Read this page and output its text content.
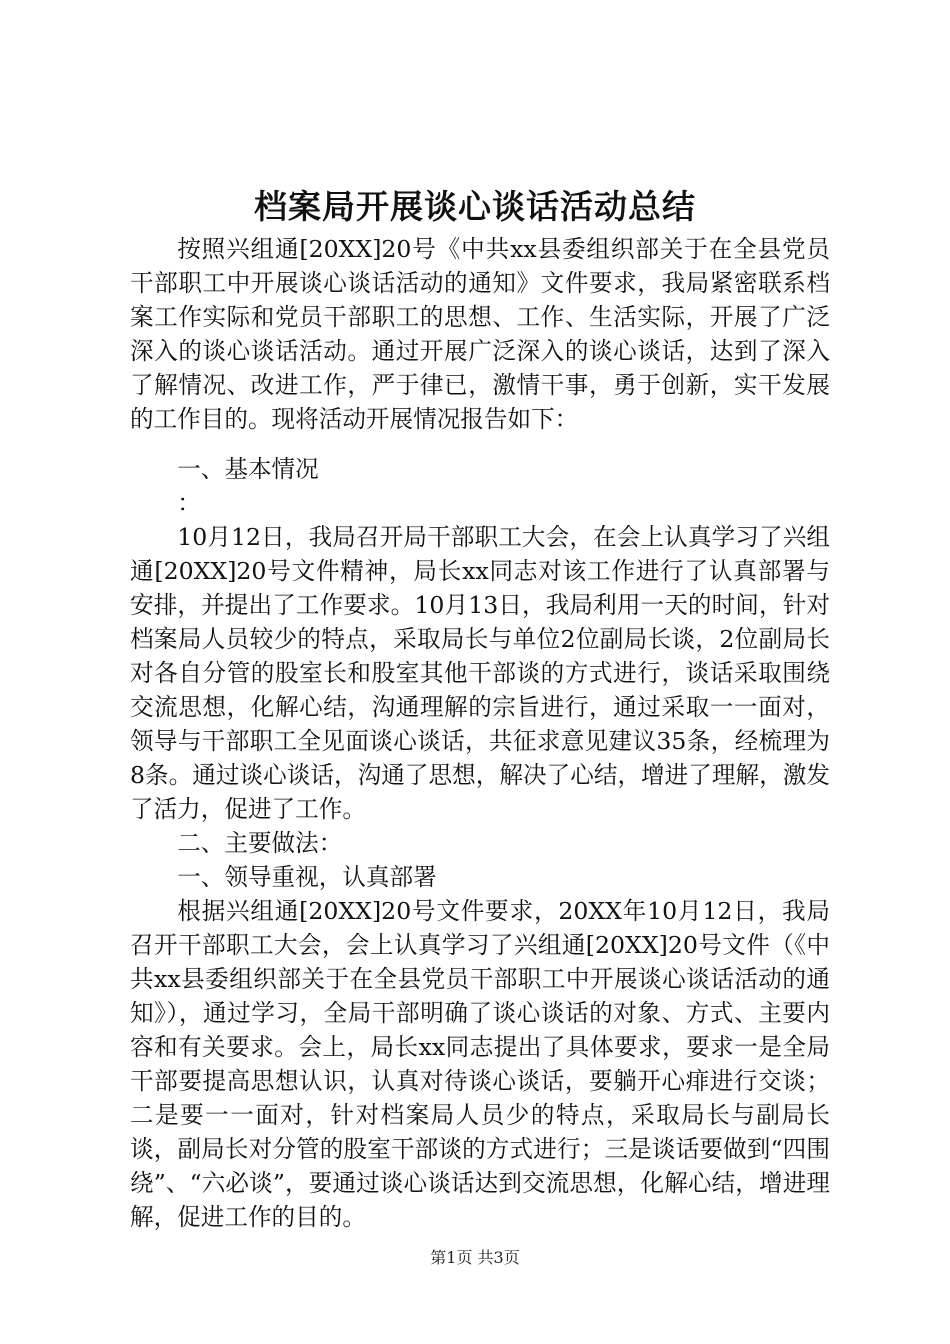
档案局开展谈心谈话活动总结

按照兴组通[20XX]20号《中共xx县委组织部关于在全县党员干部职工中开展谈心谈话活动的通知》文件要求，我局紧密联系档案工作实际和党员干部职工的思想、工作、生活实际，开展了广泛深入的谈心谈话活动。通过开展广泛深入的谈心谈话，达到了深入了解情况、改进工作，严于律已，激情干事，勇于创新，实干发展的工作目的。现将活动开展情况报告如下：

一、基本情况

：

10月12日，我局召开局干部职工大会，在会上认真学习了兴组通[20XX]20号文件精神，局长xx同志对该工作进行了认真部署与安排，并提出了工作要求。10月13日，我局利用一天的时间，针对档案局人员较少的特点，采取局长与单位2位副局长谈，2位副局长对各自分管的股室长和股室其他干部谈的方式进行，谈话采取围绕交流思想，化解心结，沟通理解的宗旨进行，通过采取一一面对，领导与干部职工全见面谈心谈话，共征求意见建议35条，经梳理为8条。通过谈心谈话，沟通了思想，解决了心结，增进了理解，激发了活力，促进了工作。

二、主要做法：

一、领导重视，认真部署

根据兴组通[20XX]20号文件要求，20XX年10月12日，我局召开干部职工大会，会上认真学习了兴组通[20XX]20号文件（《中共xx县委组织部关于在全县党员干部职工中开展谈心谈话活动的通知》），通过学习，全局干部明确了谈心谈话的对象、方式、主要内容和有关要求。会上，局长xx同志提出了具体要求，要求一是全局干部要提高思想认识，认真对待谈心谈话，要躺开心痱进行交谈；二是要一一面对，针对档案局人员少的特点，采取局长与副局长谈，副局长对分管的股室干部谈的方式进行；三是谈话要做到“四围绕”、“六必谈”，要通过谈心谈话达到交流思想，化解心结，增进理解，促进工作的目的。

第1页 共3页
